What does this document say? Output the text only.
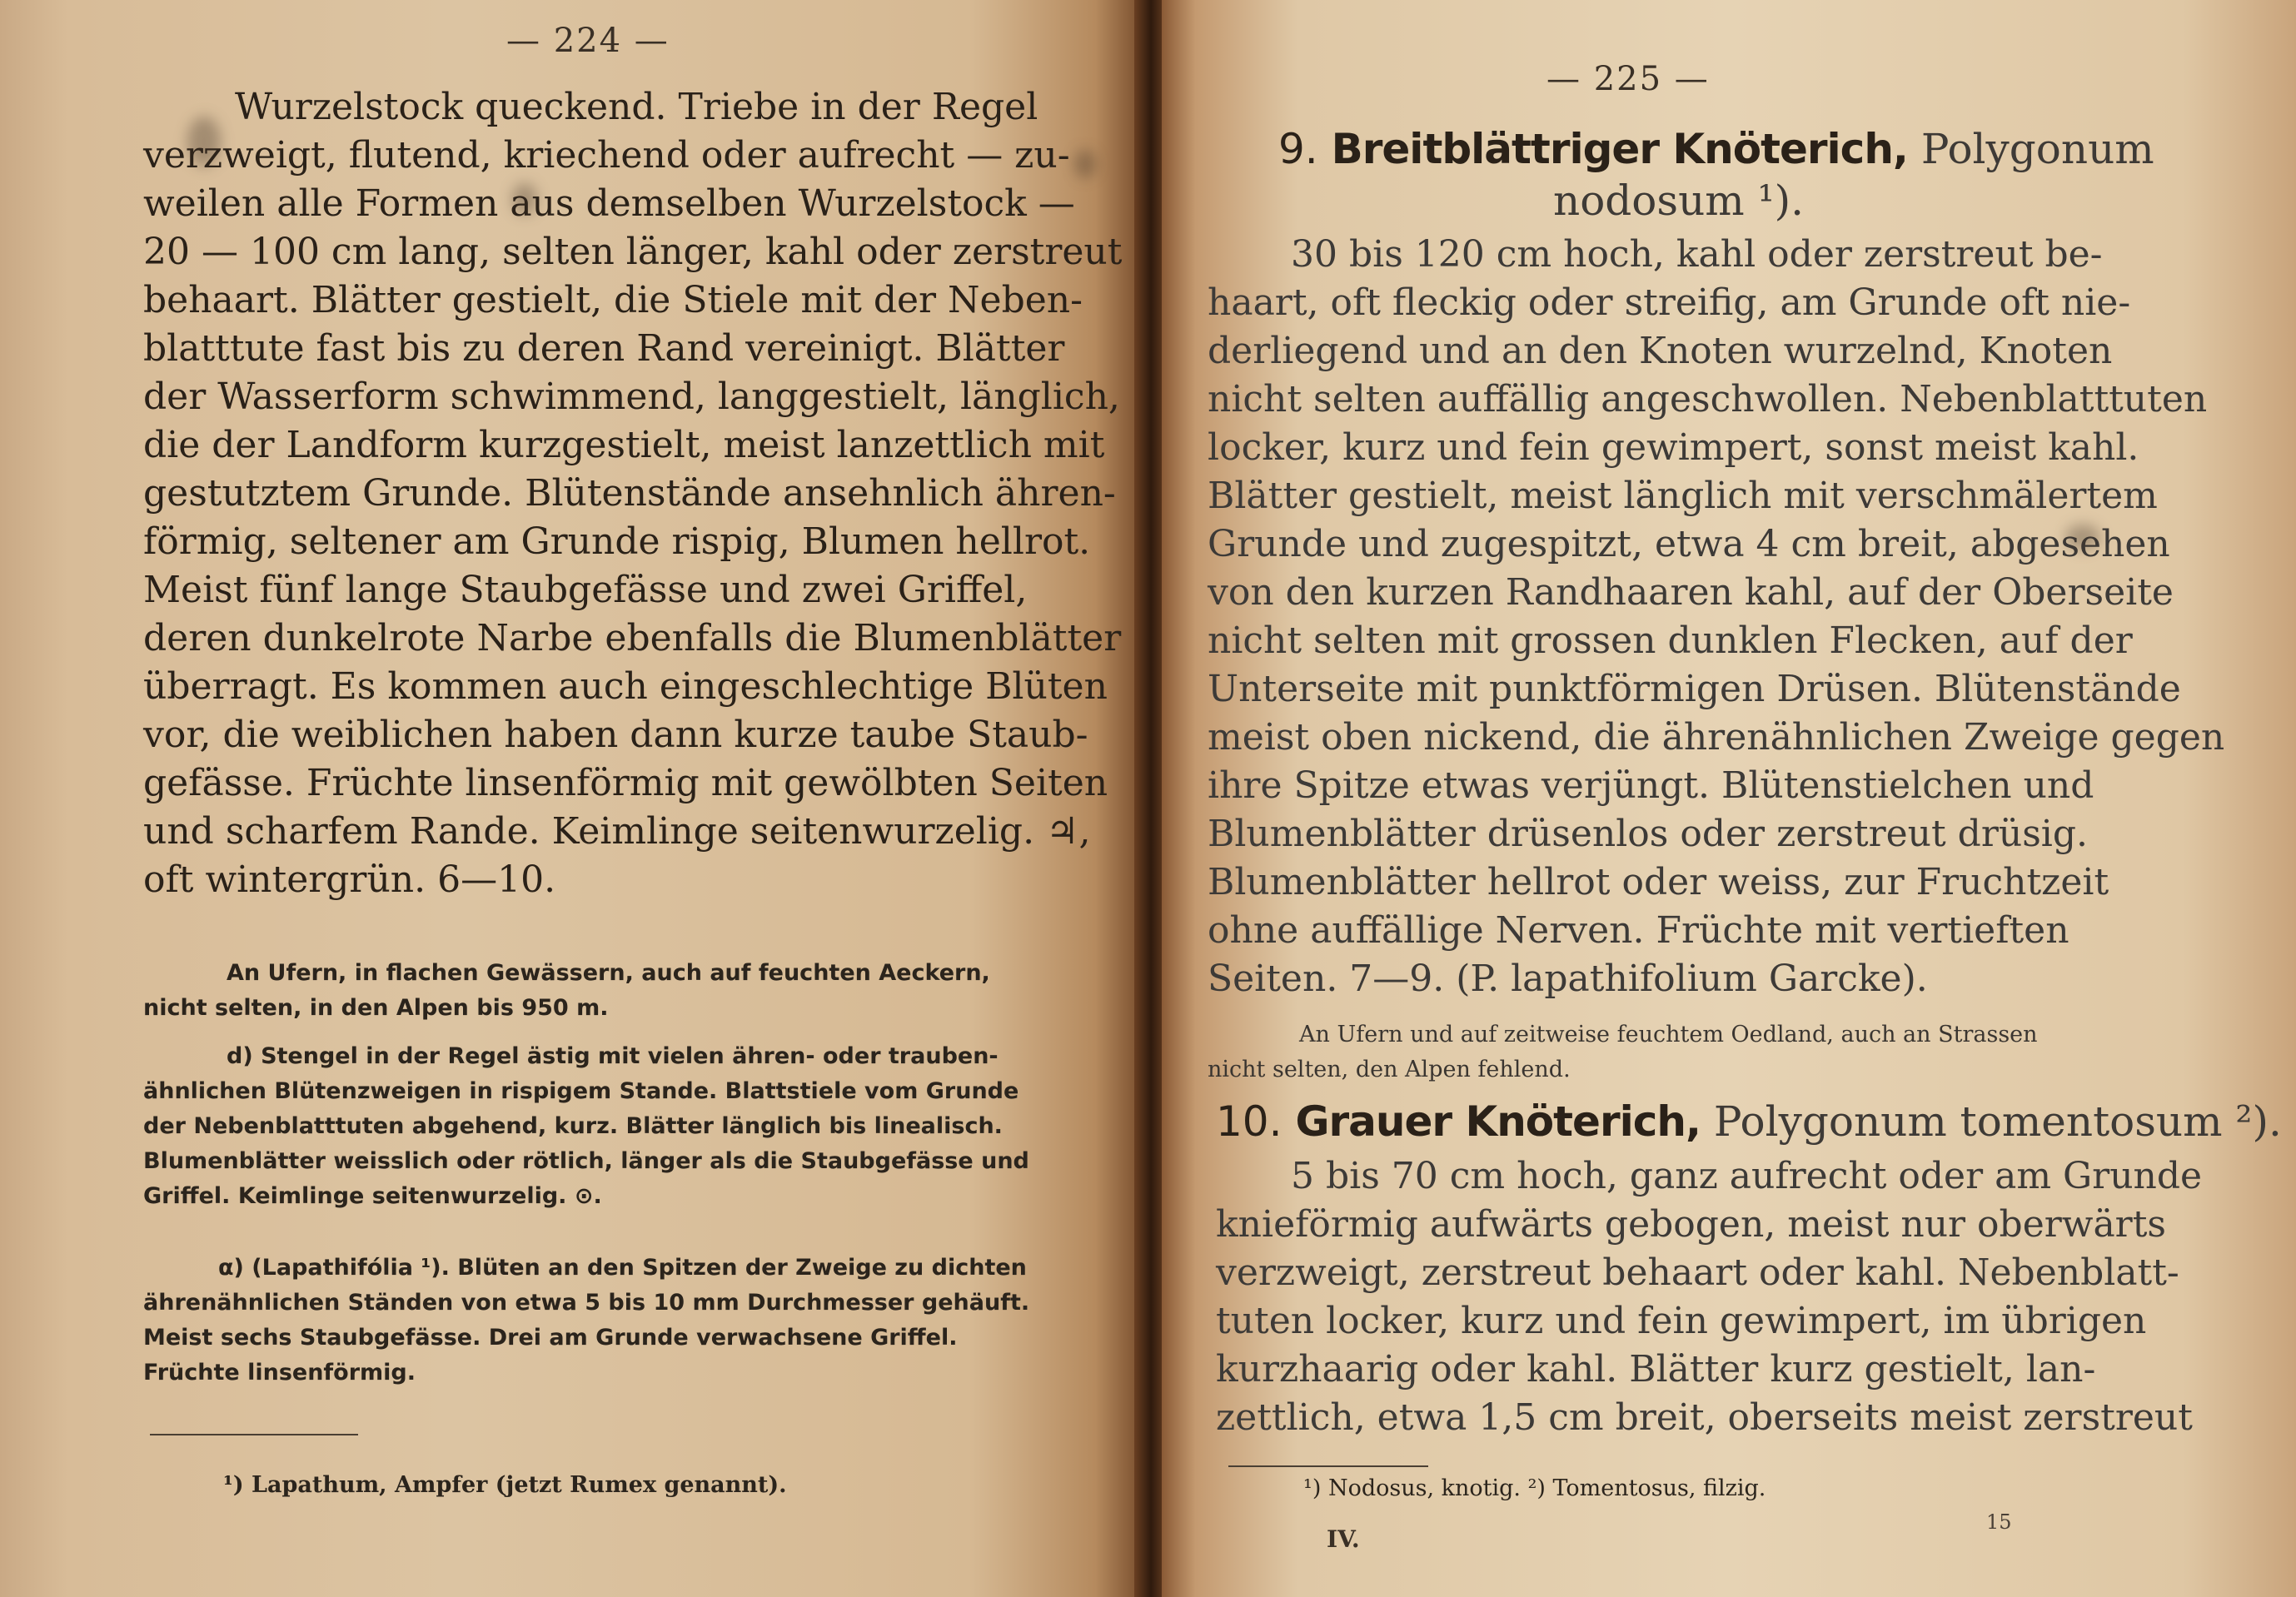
— 224 —
Wurzelstock queckend. Triebe in der Regel
verzweigt, flutend, kriechend oder aufrecht — zu-
weilen alle Formen aus demselben Wurzelstock —
20 — 100 cm lang, selten länger, kahl oder zerstreut
behaart. Blätter gestielt, die Stiele mit der Neben-
blatttute fast bis zu deren Rand vereinigt. Blätter
der Wasserform schwimmend, langgestielt, länglich,
die der Landform kurzgestielt, meist lanzettlich mit
gestutztem Grunde. Blütenstände ansehnlich ähren-
förmig, seltener am Grunde rispig, Blumen hellrot.
Meist fünf lange Staubgefässe und zwei Griffel,
deren dunkelrote Narbe ebenfalls die Blumenblätter
überragt. Es kommen auch eingeschlechtige Blüten
vor, die weiblichen haben dann kurze taube Staub-
gefässe. Früchte linsenförmig mit gewölbten Seiten
und scharfem Rande. Keimlinge seitenwurzelig. ♃,
oft wintergrün. 6—10.
An Ufern, in flachen Gewässern, auch auf feuchten Aeckern,
nicht selten, in den Alpen bis 950 m.
d) Stengel in der Regel ästig mit vielen ähren- oder trauben-
ähnlichen Blütenzweigen in rispigem Stande. Blattstiele vom Grunde
der Nebenblatttuten abgehend, kurz. Blätter länglich bis linealisch.
Blumenblätter weisslich oder rötlich, länger als die Staubgefässe und
Griffel. Keimlinge seitenwurzelig. ⊙.
α) (Lapathifólia ¹). Blüten an den Spitzen der Zweige zu dichten
ährenähnlichen Ständen von etwa 5 bis 10 mm Durchmesser gehäuft.
Meist sechs Staubgefässe. Drei am Grunde verwachsene Griffel.
Früchte linsenförmig.
¹) Lapathum, Ampfer (jetzt Rumex genannt).
— 225 —
9. Breitblättriger Knöterich, Polygonum
nodosum ¹).
30 bis 120 cm hoch, kahl oder zerstreut be-
haart, oft fleckig oder streifig, am Grunde oft nie-
derliegend und an den Knoten wurzelnd, Knoten
nicht selten auffällig angeschwollen. Nebenblatttuten
locker, kurz und fein gewimpert, sonst meist kahl.
Blätter gestielt, meist länglich mit verschmälertem
Grunde und zugespitzt, etwa 4 cm breit, abgesehen
von den kurzen Randhaaren kahl, auf der Oberseite
nicht selten mit grossen dunklen Flecken, auf der
Unterseite mit punktförmigen Drüsen. Blütenstände
meist oben nickend, die ährenähnlichen Zweige gegen
ihre Spitze etwas verjüngt. Blütenstielchen und
Blumenblätter drüsenlos oder zerstreut drüsig.
Blumenblätter hellrot oder weiss, zur Fruchtzeit
ohne auffällige Nerven. Früchte mit vertieften
Seiten. 7—9. (P. lapathifolium Garcke).
An Ufern und auf zeitweise feuchtem Oedland, auch an Strassen
nicht selten, den Alpen fehlend.
10. Grauer Knöterich, Polygonum tomentosum ²).
5 bis 70 cm hoch, ganz aufrecht oder am Grunde
knieförmig aufwärts gebogen, meist nur oberwärts
verzweigt, zerstreut behaart oder kahl. Nebenblatt-
tuten locker, kurz und fein gewimpert, im übrigen
kurzhaarig oder kahl. Blätter kurz gestielt, lan-
zettlich, etwa 1,5 cm breit, oberseits meist zerstreut
¹) Nodosus, knotig. ²) Tomentosus, filzig.
IV.
15
